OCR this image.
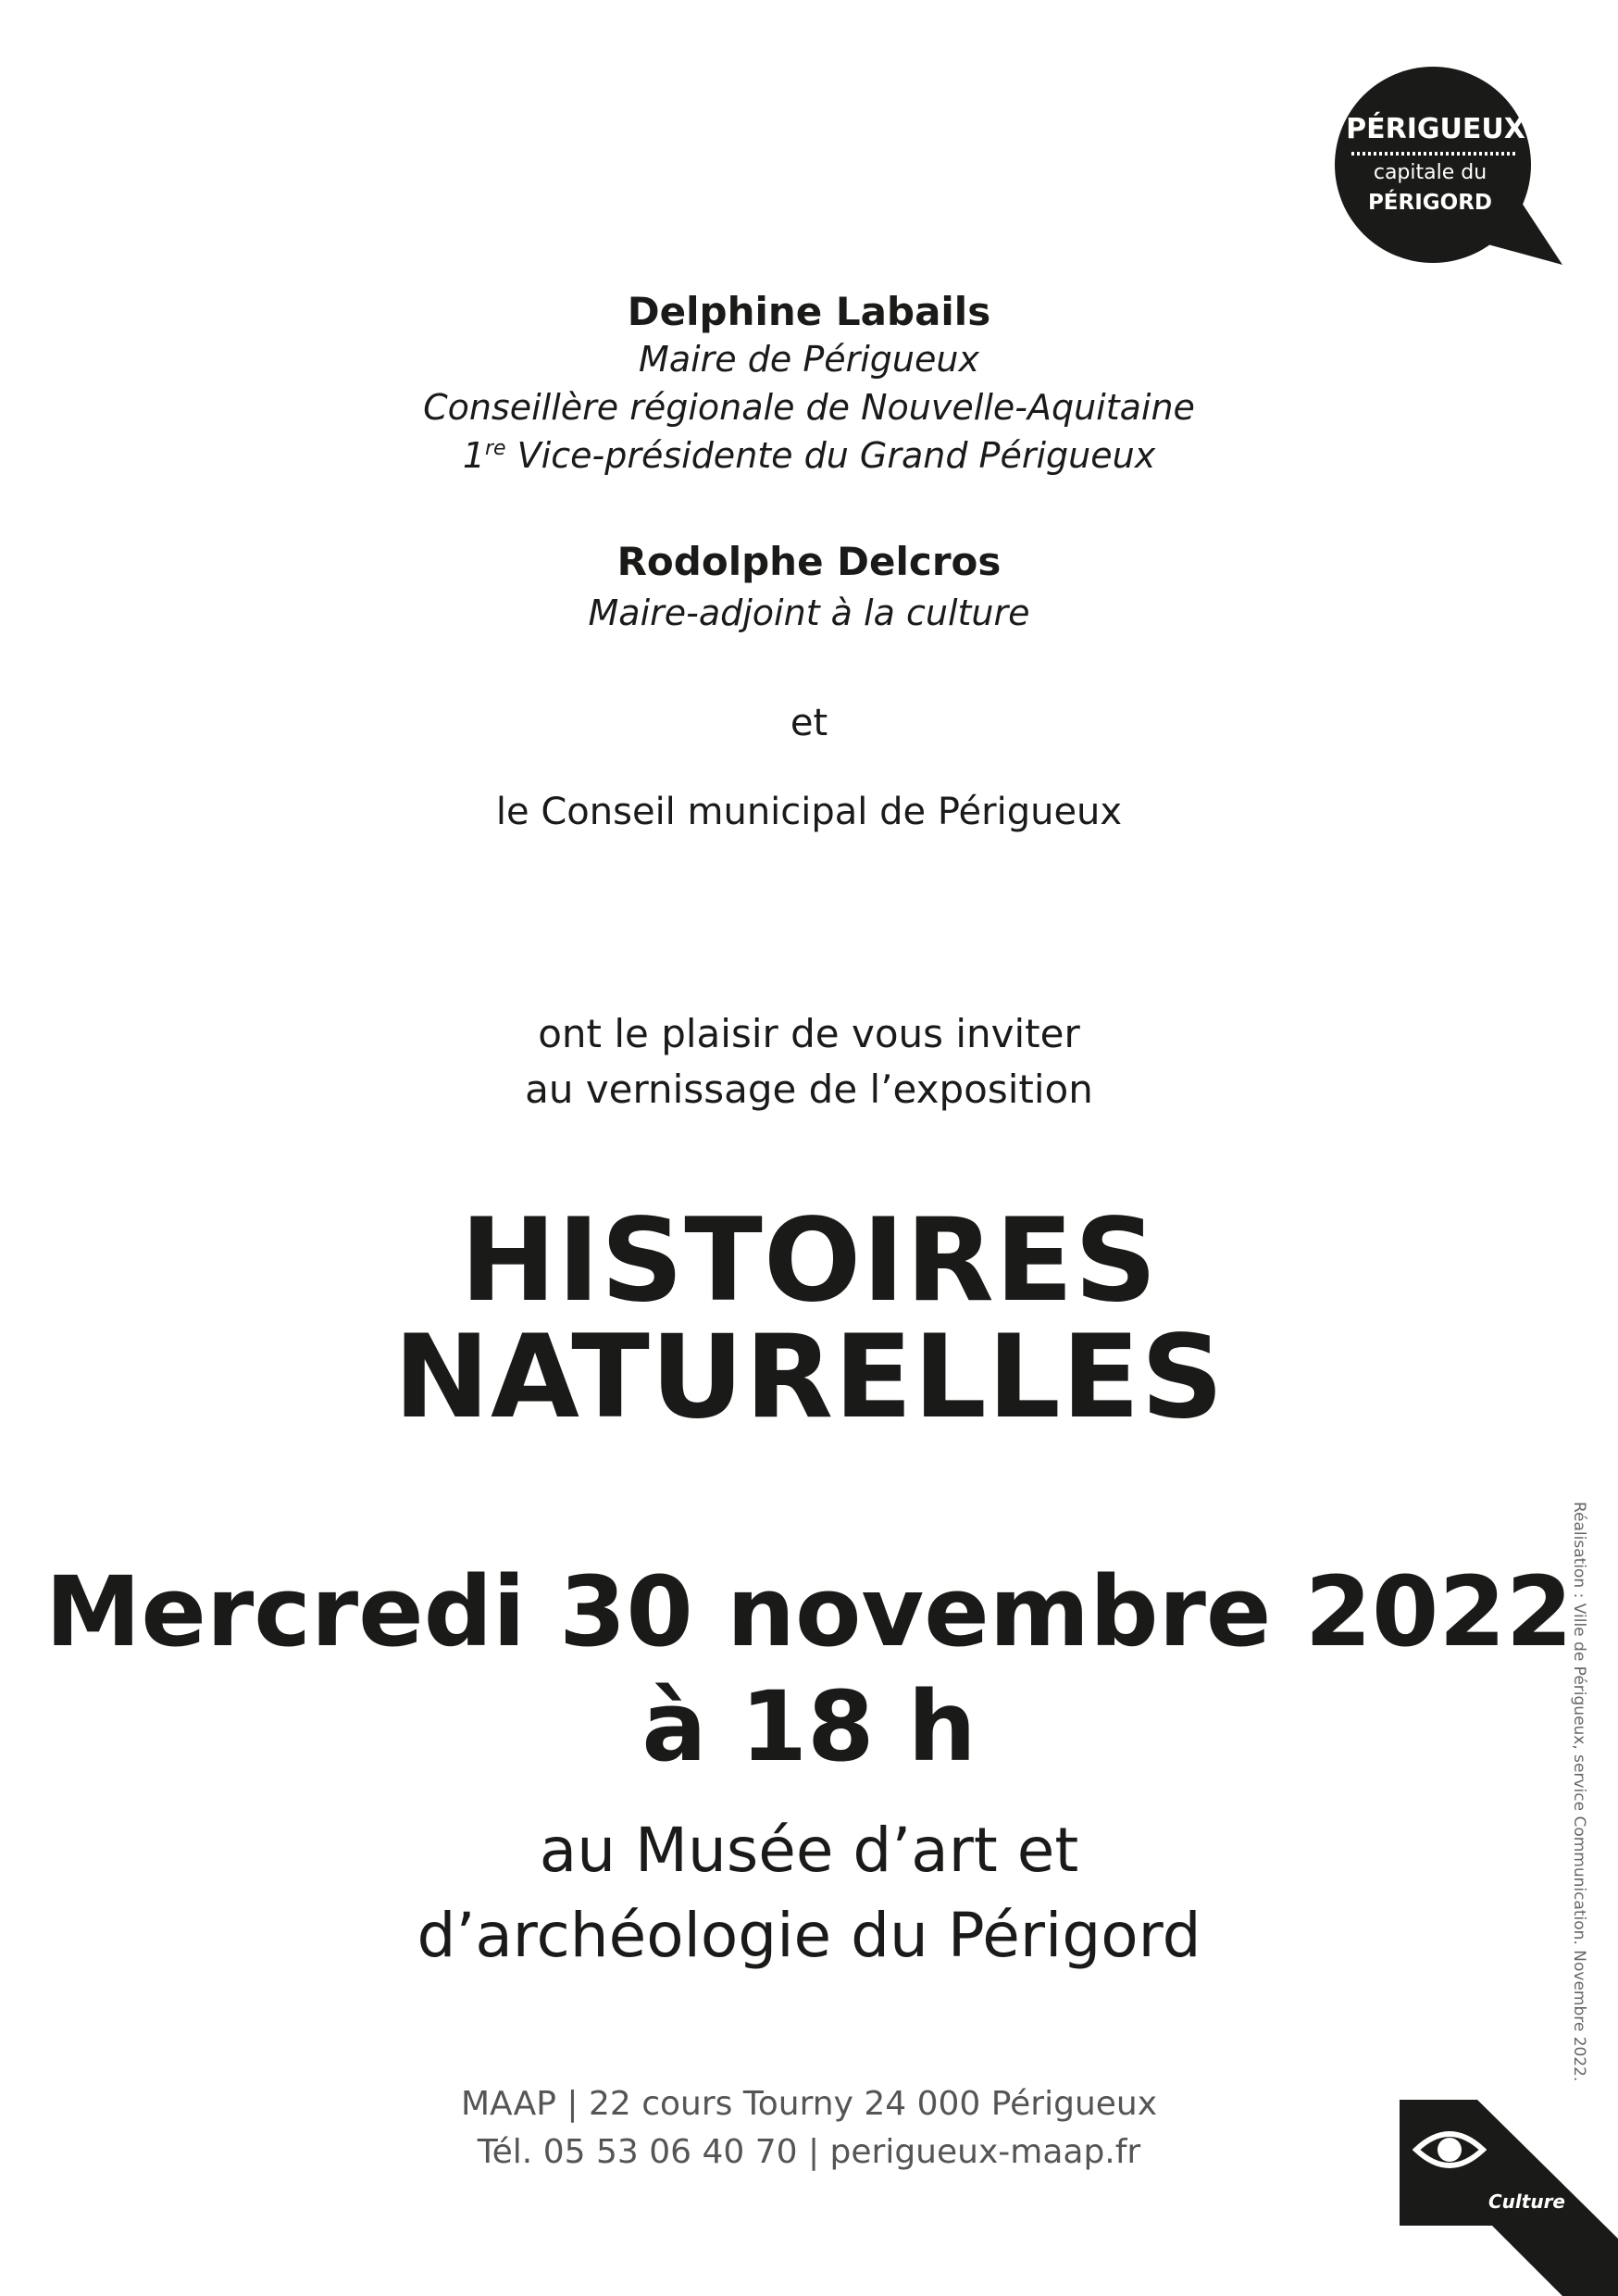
PÉRIGUEUX
capitale du
PÉRIGORD
Delphine Labails
Maire de Périgueux
Conseillère régionale de Nouvelle-Aquitaine
1re Vice-présidente du Grand Périgueux
Rodolphe Delcros
Maire-adjoint à la culture
et
le Conseil municipal de Périgueux
ont le plaisir de vous inviter
au vernissage de l’exposition
HISTOIRES
NATURELLES
Mercredi 30 novembre 2022
à 18 h
au Musée d’art et
d’archéologie du Périgord
MAAP | 22 cours Tourny 24 000 Périgueux
Tél. 05 53 06 40 70 | perigueux-maap.fr
Réalisation : Ville de Périgueux, service Communication. Novembre 2022.
Culture
